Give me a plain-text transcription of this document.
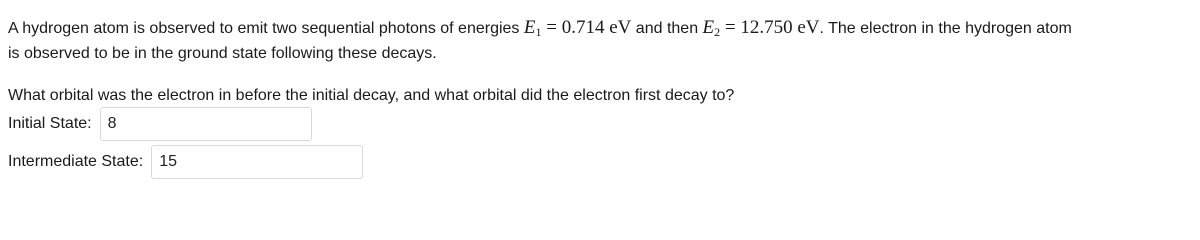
A hydrogen atom is observed to emit two sequential photons of energies $E_1 = 0.714$ eV and then $E_2 = 12.750$ eV. The electron in the hydrogen atom
is observed to be in the ground state following these decays.
What orbital was the electron in before the initial decay, and what orbital did the electron first decay to?
Initial State:
8
Intermediate State:
15
